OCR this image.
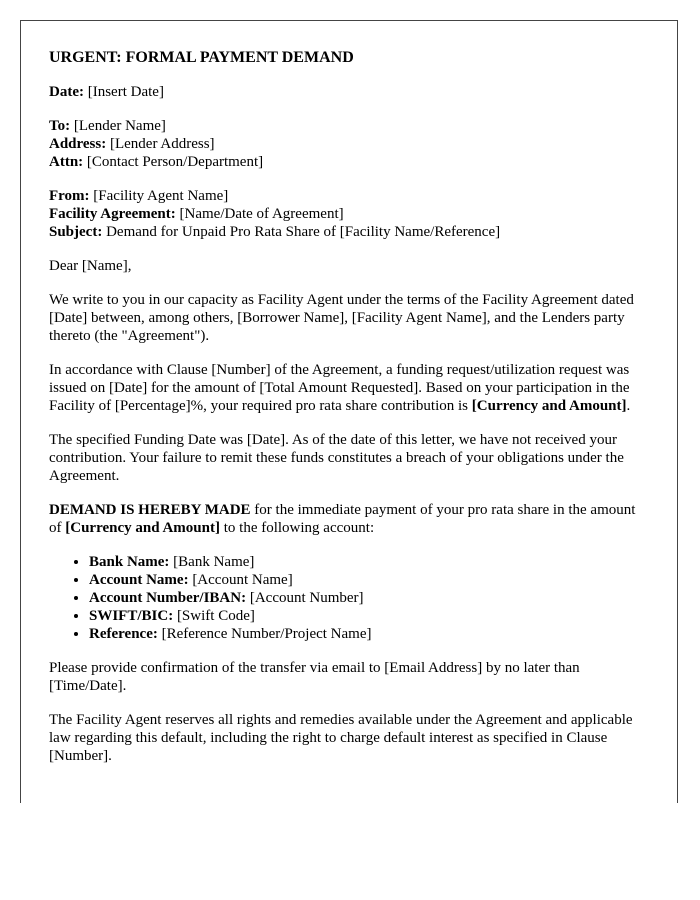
URGENT: FORMAL PAYMENT DEMAND

Date: [Insert Date]

To: [Lender Name]
Address: [Lender Address]
Attn: [Contact Person/Department]

From: [Facility Agent Name]
Facility Agreement: [Name/Date of Agreement]
Subject: Demand for Unpaid Pro Rata Share of [Facility Name/Reference]

Dear [Name],

We write to you in our capacity as Facility Agent under the terms of the Facility Agreement dated [Date] between, among others, [Borrower Name], [Facility Agent Name], and the Lenders party thereto (the "Agreement").

In accordance with Clause [Number] of the Agreement, a funding request/utilization request was issued on [Date] for the amount of [Total Amount Requested]. Based on your participation in the Facility of [Percentage]%, your required pro rata share contribution is [Currency and Amount].

The specified Funding Date was [Date]. As of the date of this letter, we have not received your contribution. Your failure to remit these funds constitutes a breach of your obligations under the Agreement.

DEMAND IS HEREBY MADE for the immediate payment of your pro rata share in the amount of [Currency and Amount] to the following account:

• Bank Name: [Bank Name]
• Account Name: [Account Name]
• Account Number/IBAN: [Account Number]
• SWIFT/BIC: [Swift Code]
• Reference: [Reference Number/Project Name]

Please provide confirmation of the transfer via email to [Email Address] by no later than [Time/Date].

The Facility Agent reserves all rights and remedies available under the Agreement and applicable law regarding this default, including the right to charge default interest as specified in Clause [Number].
